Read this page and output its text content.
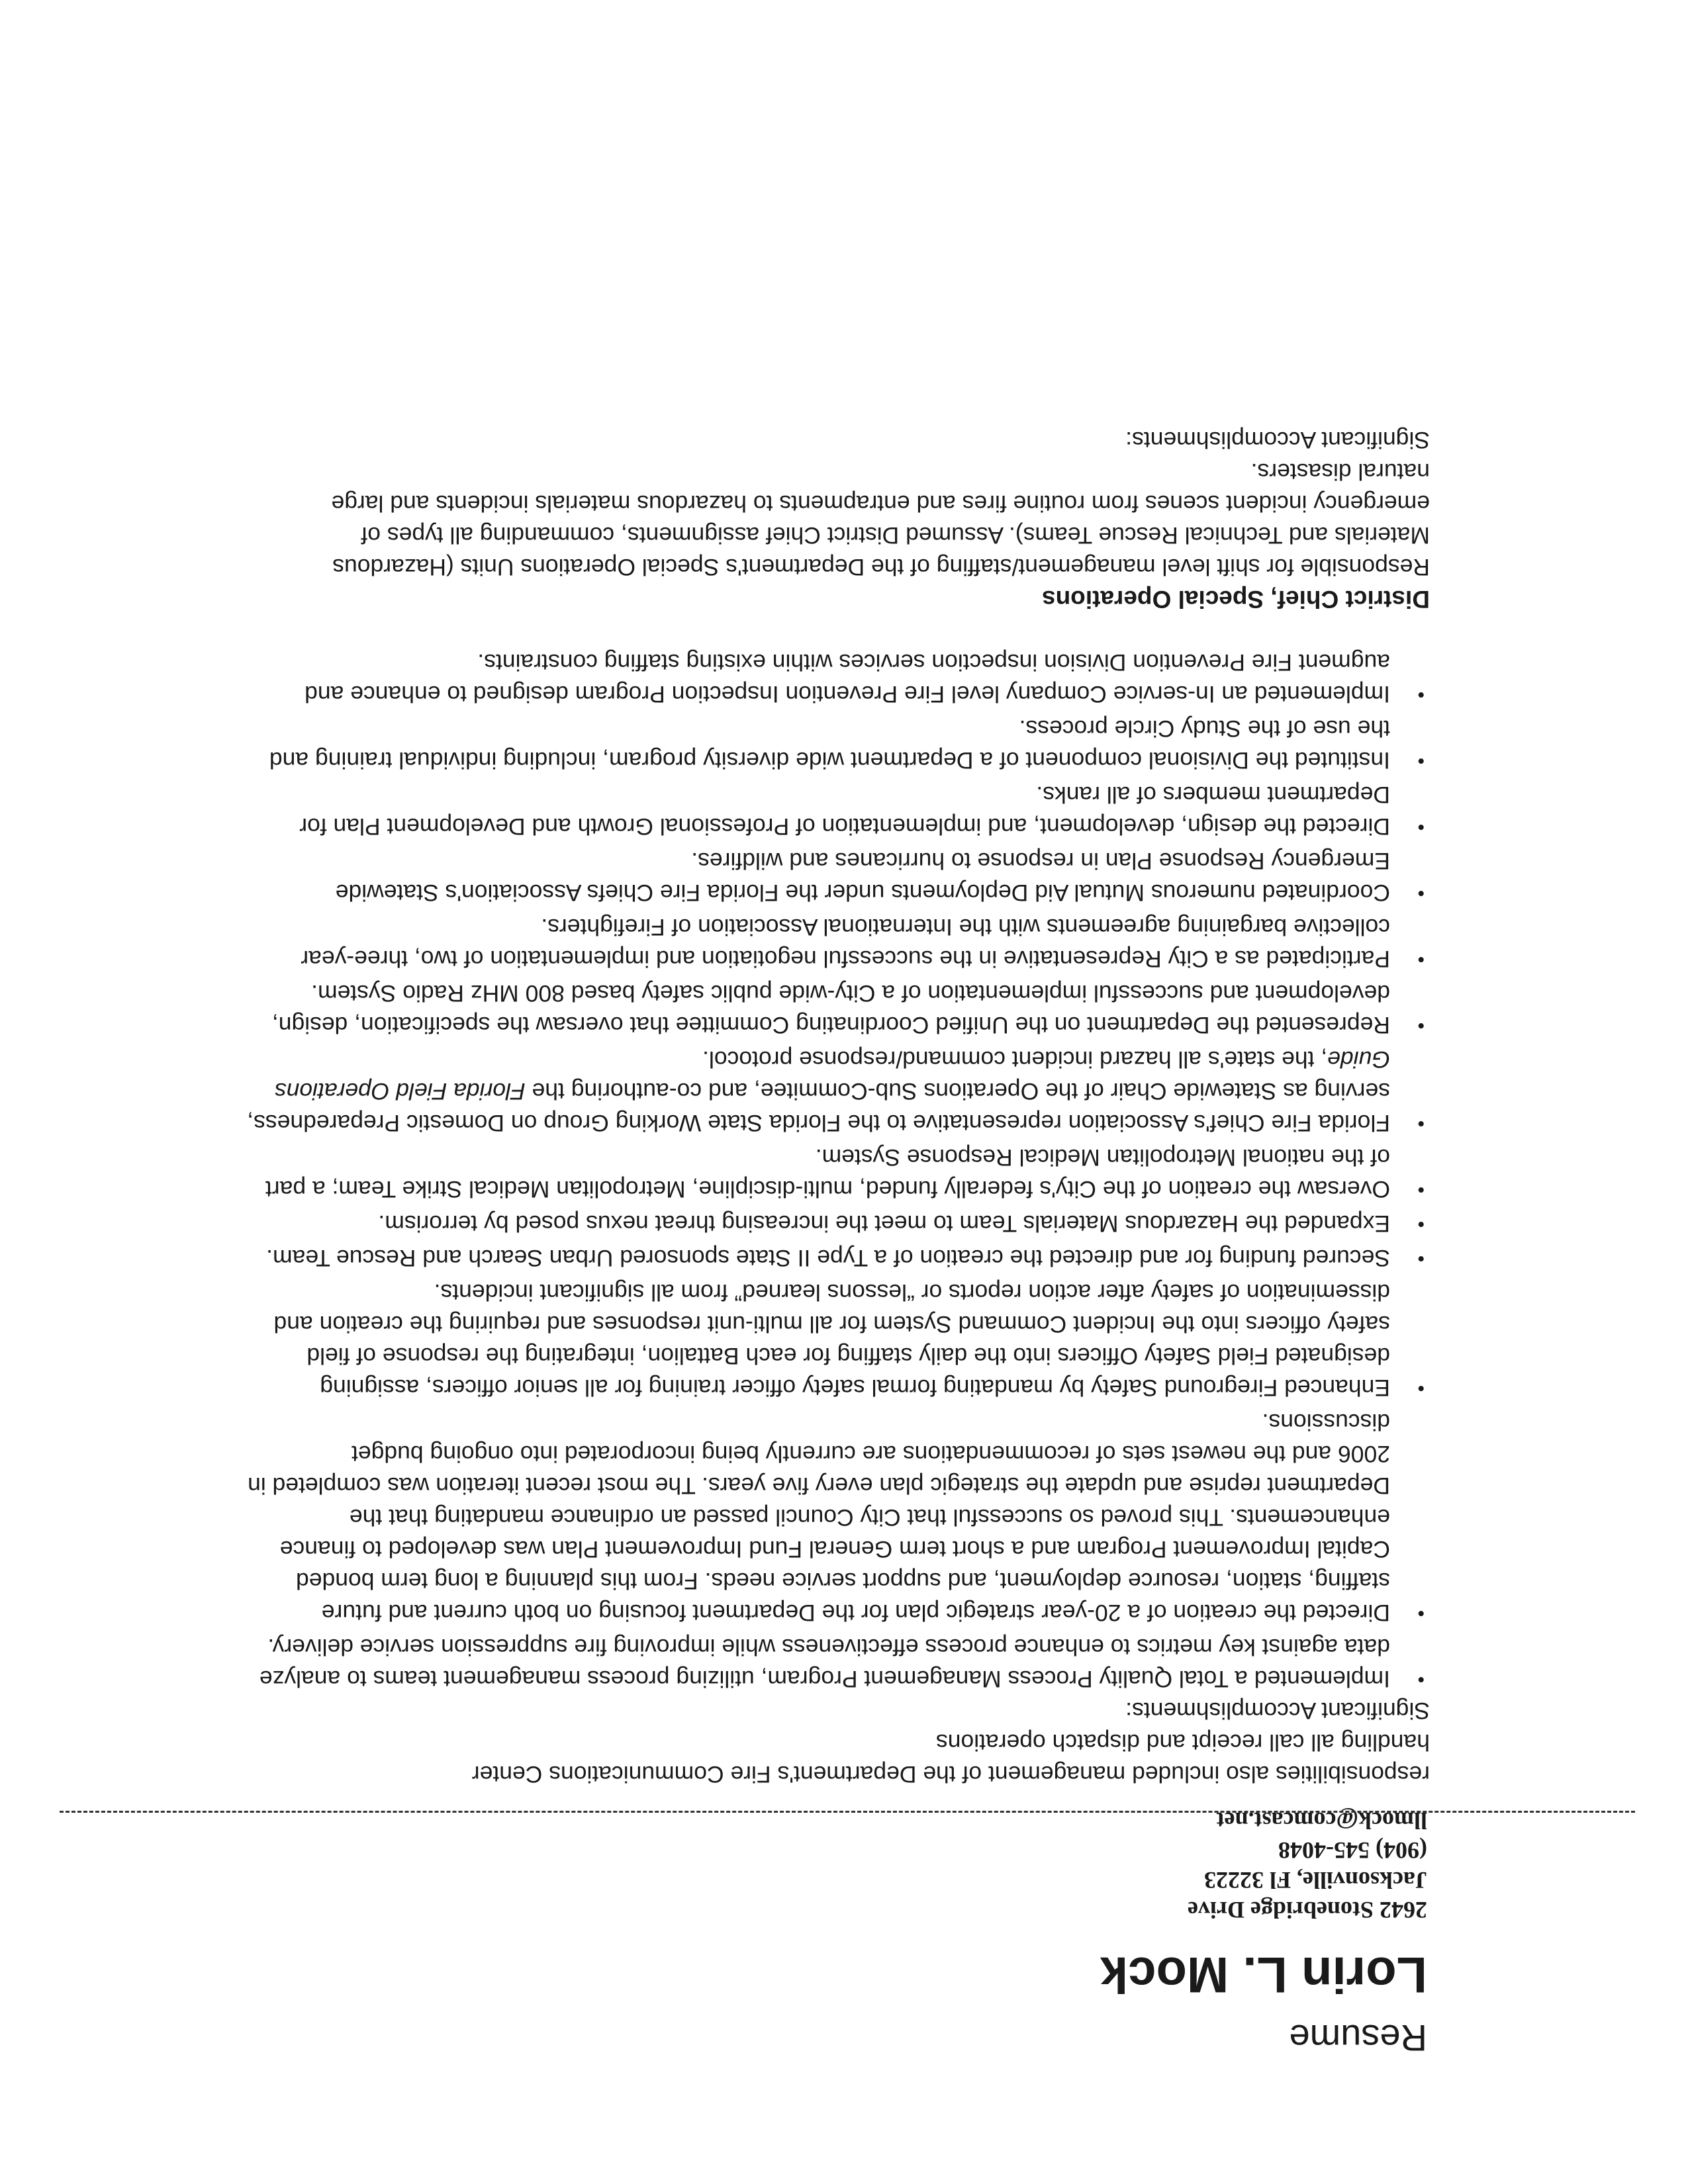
Resume
Lorin L. Mock
2642 Stonebridge Drive
Jacksonville, Fl 32223
(904) 545-4048
llmock@comcast.net
responsibilities also included management of the Department's Fire Communications Center
handling all call receipt and dispatch operations
Significant Accomplishments:
•
Implemented a Total Quality Process Management Program, utilizing process management teams to analyze data against key metrics to enhance process effectiveness while improving fire suppression service delivery.
•
Directed the creation of a 20-year strategic plan for the Department focusing on both current and future staffing, station, resource deployment, and support service needs. From this planning a long term bonded Capital Improvement Program and a short term General Fund Improvement Plan was developed to finance enhancements. This proved so successful that City Council passed an ordinance mandating that the Department reprise and update the strategic plan every five years. The most recent iteration was completed in 2006 and the newest sets of recommendations are currently being incorporated into ongoing budget discussions.
•
Enhanced Fireground Safety by mandating formal safety officer training for all senior officers, assigning designated Field Safety Officers into the daily staffing for each Battalion, integrating the response of field safety officers into the Incident Command System for all multi-unit responses and requiring the creation and dissemination of safety after action reports or “lessons learned” from all significant incidents.
•
Secured funding for and directed the creation of a Type II State sponsored Urban Search and Rescue Team.
•
Expanded the Hazardous Materials Team to meet the increasing threat nexus posed by terrorism.
•
Oversaw the creation of the City's federally funded, multi-discipline, Metropolitan Medical Strike Team; a part of the national Metropolitan Medical Response System.
•
Florida Fire Chief's Association representative to the Florida State Working Group on Domestic Preparedness, serving as Statewide Chair of the Operations Sub-Commitee, and co-authoring the Florida Field Operations Guide, the state's all hazard incident command/response protocol.
•
Represented the Department on the Unified Coordinating Committee that oversaw the specification, design, development and successful implementation of a City-wide public safety based 800 MHz Radio System.
•
Participated as a City Representative in the successful negotiation and implementation of two, three-year collective bargaining agreements with the International Association of Firefighters.
•
Coordinated numerous Mutual Aid Deployments under the Florida Fire Chiefs Association's Statewide Emergency Response Plan in response to hurricanes and wildfires.
•
Directed the design, development, and implementation of Professional Growth and Development Plan for Department members of all ranks.
•
Instituted the Divisional component of a Department wide diversity program, including individual training and the use of the Study Circle process.
•
Implemented an In-service Company level Fire Prevention Inspection Program designed to enhance and augment Fire Prevention Division inspection services within existing staffing constraints.
District Chief, Special Operations
Responsible for shift level management/staffing of the Department's Special Operations Units (Hazardous Materials and Technical Rescue Teams). Assumed District Chief assignments, commanding all types of emergency incident scenes from routine fires and entrapments to hazardous materials incidents and large natural disasters.
Significant Accomplishments:
